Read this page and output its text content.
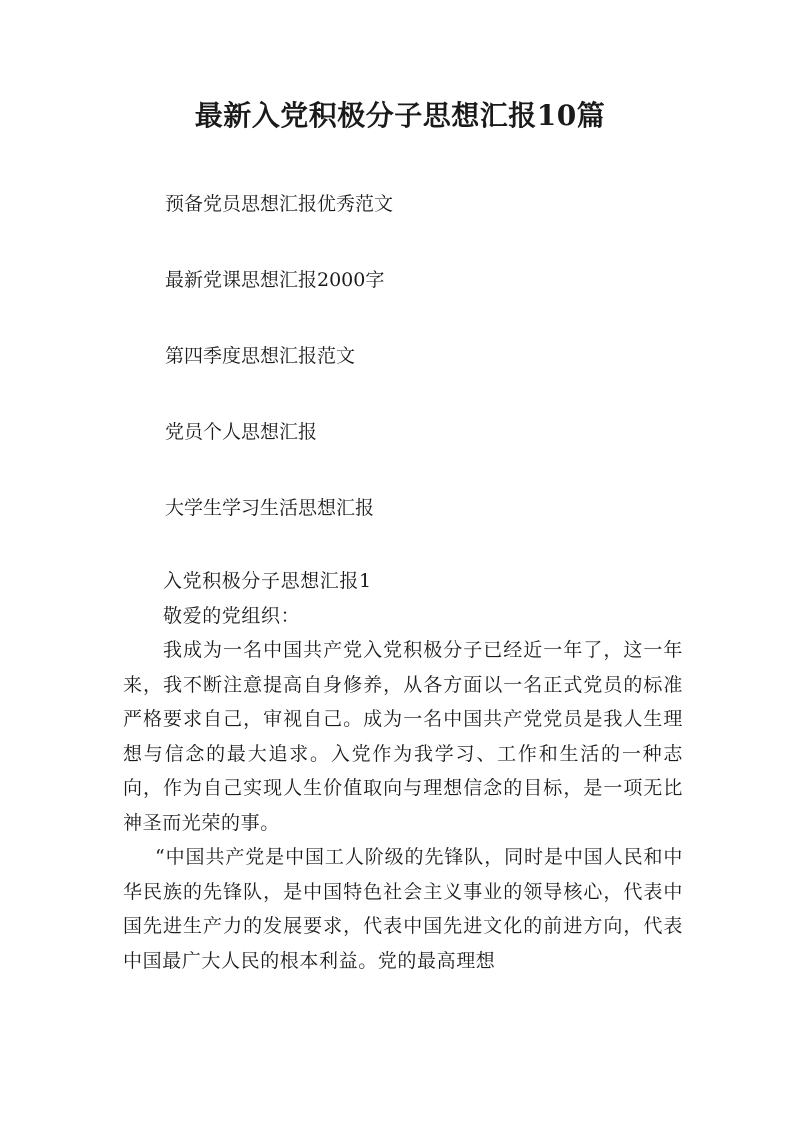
最新入党积极分子思想汇报10篇
预备党员思想汇报优秀范文
最新党课思想汇报2000字
第四季度思想汇报范文
党员个人思想汇报
大学生学习生活思想汇报

入党积极分子思想汇报1

敬爱的党组织：

我成为一名中国共产党入党积极分子已经近一年了，这一年来，我不断注意提高自身修养，从各方面以一名正式党员的标准严格要求自己，审视自己。成为一名中国共产党党员是我人生理想与信念的最大追求。入党作为我学习、工作和生活的一种志向，作为自己实现人生价值取向与理想信念的目标，是一项无比神圣而光荣的事。

“中国共产党是中国工人阶级的先锋队，同时是中国人民和中华民族的先锋队，是中国特色社会主义事业的领导核心，代表中国先进生产力的发展要求，代表中国先进文化的前进方向，代表中国最广大人民的根本利益。党的最高理想
